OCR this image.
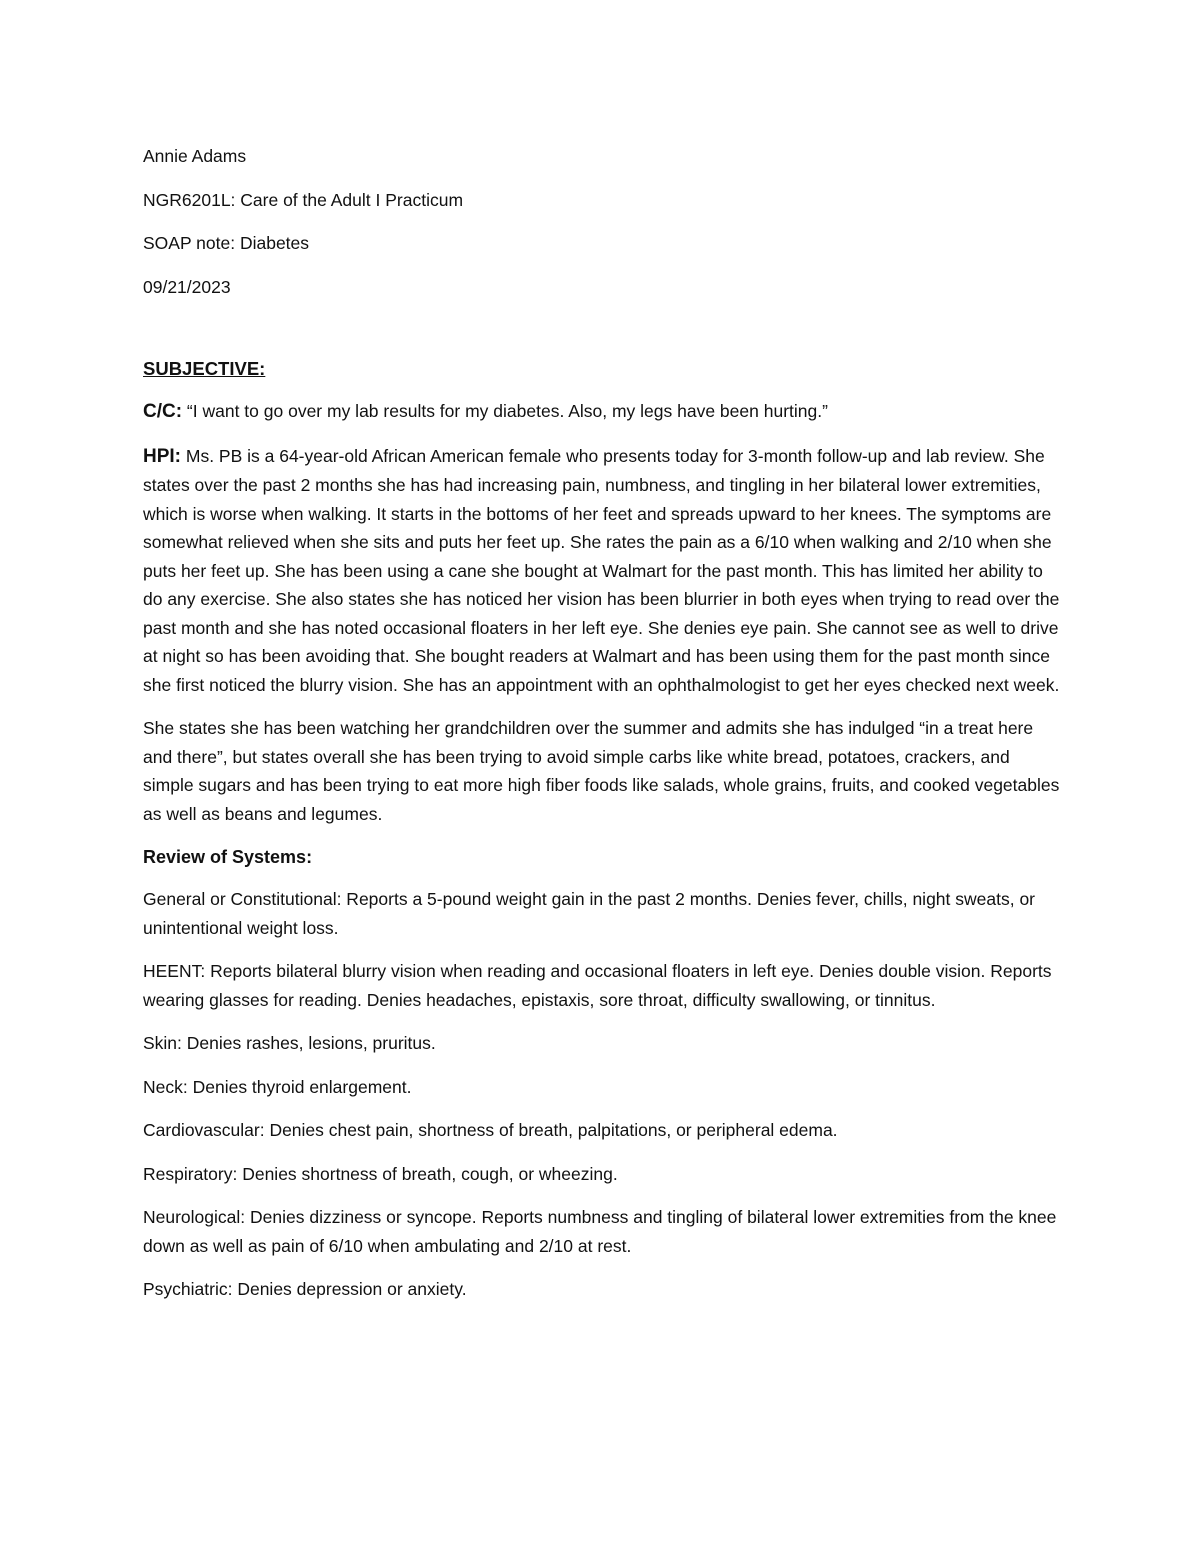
Annie Adams

NGR6201L: Care of the Adult I Practicum

SOAP note: Diabetes

09/21/2023

SUBJECTIVE:

C/C: “I want to go over my lab results for my diabetes. Also, my legs have been hurting.”

HPI: Ms. PB is a 64-year-old African American female who presents today for 3-month follow-up and lab review. She states over the past 2 months she has had increasing pain, numbness, and tingling in her bilateral lower extremities, which is worse when walking. It starts in the bottoms of her feet and spreads upward to her knees. The symptoms are somewhat relieved when she sits and puts her feet up. She rates the pain as a 6/10 when walking and 2/10 when she puts her feet up. She has been using a cane she bought at Walmart for the past month. This has limited her ability to do any exercise. She also states she has noticed her vision has been blurrier in both eyes when trying to read over the past month and she has noted occasional floaters in her left eye. She denies eye pain. She cannot see as well to drive at night so has been avoiding that. She bought readers at Walmart and has been using them for the past month since she first noticed the blurry vision. She has an appointment with an ophthalmologist to get her eyes checked next week.

She states she has been watching her grandchildren over the summer and admits she has indulged “in a treat here and there”, but states overall she has been trying to avoid simple carbs like white bread, potatoes, crackers, and simple sugars and has been trying to eat more high fiber foods like salads, whole grains, fruits, and cooked vegetables as well as beans and legumes.

Review of Systems:

General or Constitutional: Reports a 5-pound weight gain in the past 2 months. Denies fever, chills, night sweats, or unintentional weight loss.

HEENT: Reports bilateral blurry vision when reading and occasional floaters in left eye. Denies double vision. Reports wearing glasses for reading. Denies headaches, epistaxis, sore throat, difficulty swallowing, or tinnitus.

Skin: Denies rashes, lesions, pruritus.

Neck: Denies thyroid enlargement.

Cardiovascular: Denies chest pain, shortness of breath, palpitations, or peripheral edema.

Respiratory: Denies shortness of breath, cough, or wheezing.

Neurological: Denies dizziness or syncope. Reports numbness and tingling of bilateral lower extremities from the knee down as well as pain of 6/10 when ambulating and 2/10 at rest.

Psychiatric: Denies depression or anxiety.
